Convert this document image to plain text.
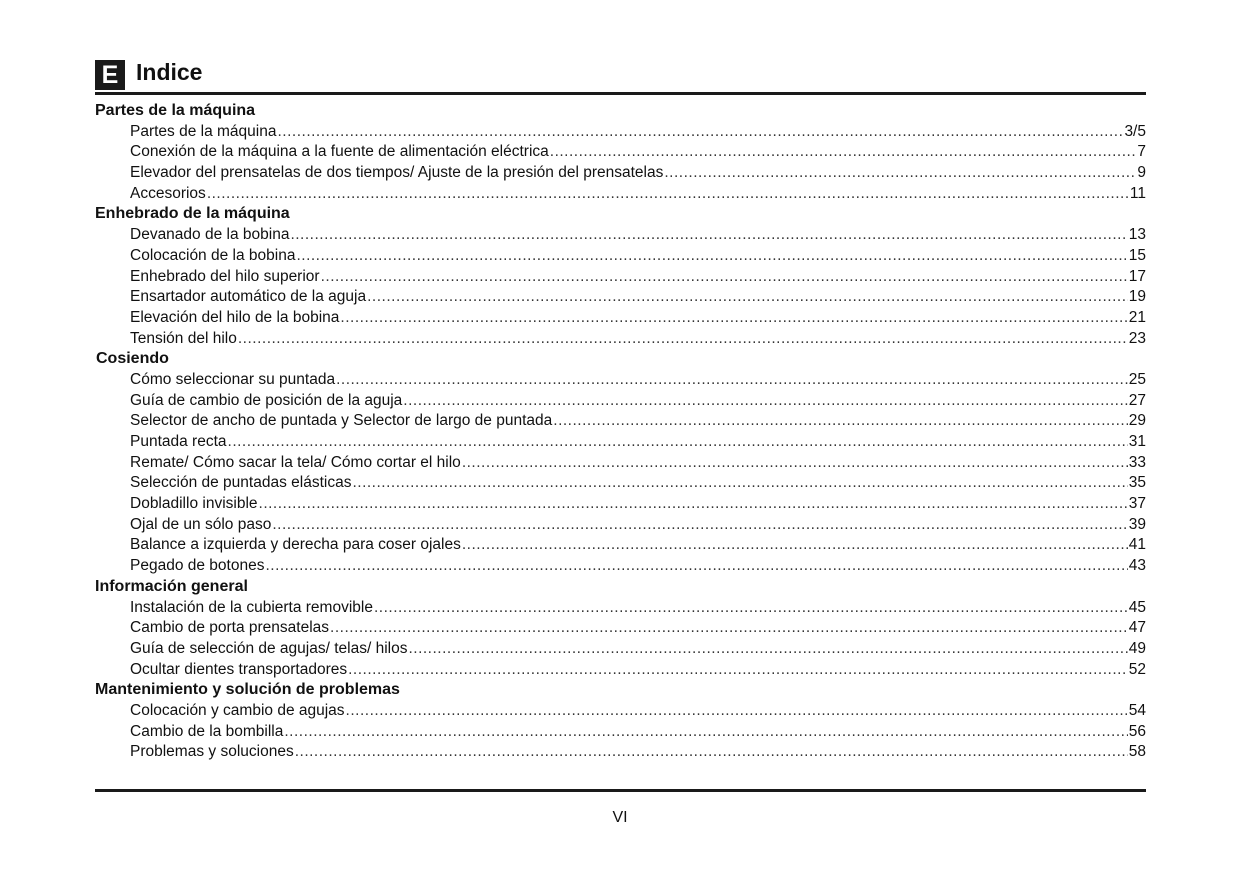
E Indice
Partes de la máquina
Partes de la máquina .....	3/5
Conexión de la máquina a la fuente de alimentación eléctrica .....	7
Elevador del prensatelas de dos tiempos/ Ajuste de la presión del prensatelas .....	9
Accesorios .....	11
Enhebrado de la máquina
Devanado de la bobina .....	13
Colocación de la bobina .....	15
Enhebrado del hilo superior .....	17
Ensartador automático de la aguja .....	19
Elevación del hilo de la bobina .....	21
Tensión del hilo .....	23
Cosiendo
Cómo seleccionar su puntada .....	25
Guía de cambio de posición de la aguja .....	27
Selector de ancho de puntada y Selector de largo de puntada .....	29
Puntada recta .....	31
Remate/ Cómo sacar la tela/ Cómo cortar el hilo .....	33
Selección de puntadas elásticas .....	35
Dobladillo invisible .....	37
Ojal de un sólo paso .....	39
Balance a izquierda y derecha para coser ojales .....	41
Pegado de botones .....	43
Información general
Instalación de la cubierta removible .....	45
Cambio de porta prensatelas .....	47
Guía de selección de agujas/ telas/ hilos .....	49
Ocultar dientes transportadores .....	52
Mantenimiento y solución de problemas
Colocación y cambio de agujas .....	54
Cambio de la bombilla .....	56
Problemas y soluciones .....	58
VI
